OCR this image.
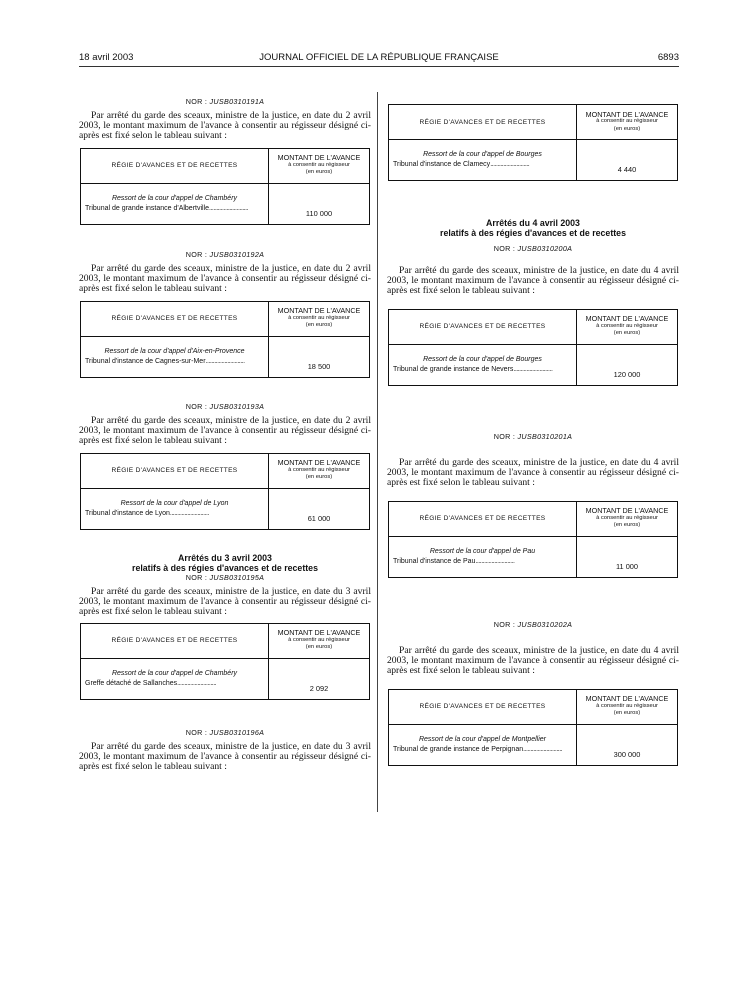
18 avril 2003	JOURNAL OFFICIEL DE LA RÉPUBLIQUE FRANÇAISE	6893
NOR : JUSB0310191A
Par arrêté du garde des sceaux, ministre de la justice, en date du 2 avril 2003, le montant maximum de l'avance à consentir au régisseur désigné ci-après est fixé selon le tableau suivant :
RÉGIE D'AVANCES ET DE RECETTES	MONTANT DE L'AVANCE
à consentir au régisseur
(en euros)

Ressort de la cour d'appel de Chambéry
Tribunal de grande instance d'Albertville...........................	110 000
NOR : JUSB0310192A
Par arrêté du garde des sceaux, ministre de la justice, en date du 2 avril 2003, le montant maximum de l'avance à consentir au régisseur désigné ci-après est fixé selon le tableau suivant :
RÉGIE D'AVANCES ET DE RECETTES	MONTANT DE L'AVANCE
à consentir au régisseur
(en euros)

Ressort de la cour d'appel d'Aix-en-Provence
Tribunal d'instance de Cagnes-sur-Mer...........................	18 500
NOR : JUSB0310193A
Par arrêté du garde des sceaux, ministre de la justice, en date du 2 avril 2003, le montant maximum de l'avance à consentir au régisseur désigné ci-après est fixé selon le tableau suivant :
RÉGIE D'AVANCES ET DE RECETTES	MONTANT DE L'AVANCE
à consentir au régisseur
(en euros)

Ressort de la cour d'appel de Lyon
Tribunal d'instance de Lyon...........................	61 000
Arrêtés du 3 avril 2003
relatifs à des régies d'avances et de recettes
NOR : JUSB0310195A
Par arrêté du garde des sceaux, ministre de la justice, en date du 3 avril 2003, le montant maximum de l'avance à consentir au régisseur désigné ci-après est fixé selon le tableau suivant :
RÉGIE D'AVANCES ET DE RECETTES	MONTANT DE L'AVANCE
à consentir au régisseur
(en euros)

Ressort de la cour d'appel de Chambéry
Greffe détaché de Sallanches...........................	2 092
NOR : JUSB0310196A
Par arrêté du garde des sceaux, ministre de la justice, en date du 3 avril 2003, le montant maximum de l'avance à consentir au régisseur désigné ci-après est fixé selon le tableau suivant :
RÉGIE D'AVANCES ET DE RECETTES	MONTANT DE L'AVANCE
à consentir au régisseur
(en euros)

Ressort de la cour d'appel de Bourges
Tribunal d'instance de Clamecy...........................	4 440
Arrêtés du 4 avril 2003
relatifs à des régies d'avances et de recettes
NOR : JUSB0310200A
Par arrêté du garde des sceaux, ministre de la justice, en date du 4 avril 2003, le montant maximum de l'avance à consentir au régisseur désigné ci-après est fixé selon le tableau suivant :
RÉGIE D'AVANCES ET DE RECETTES	MONTANT DE L'AVANCE
à consentir au régisseur
(en euros)

Ressort de la cour d'appel de Bourges
Tribunal de grande instance de Nevers...........................	120 000
NOR : JUSB0310201A
Par arrêté du garde des sceaux, ministre de la justice, en date du 4 avril 2003, le montant maximum de l'avance à consentir au régisseur désigné ci-après est fixé selon le tableau suivant :
RÉGIE D'AVANCES ET DE RECETTES	MONTANT DE L'AVANCE
à consentir au régisseur
(en euros)

Ressort de la cour d'appel de Pau
Tribunal d'instance de Pau...........................	11 000
NOR : JUSB0310202A
Par arrêté du garde des sceaux, ministre de la justice, en date du 4 avril 2003, le montant maximum de l'avance à consentir au régisseur désigné ci-après est fixé selon le tableau suivant :
RÉGIE D'AVANCES ET DE RECETTES	MONTANT DE L'AVANCE
à consentir au régisseur
(en euros)

Ressort de la cour d'appel de Montpellier
Tribunal de grande instance de Perpignan...........................	300 000
